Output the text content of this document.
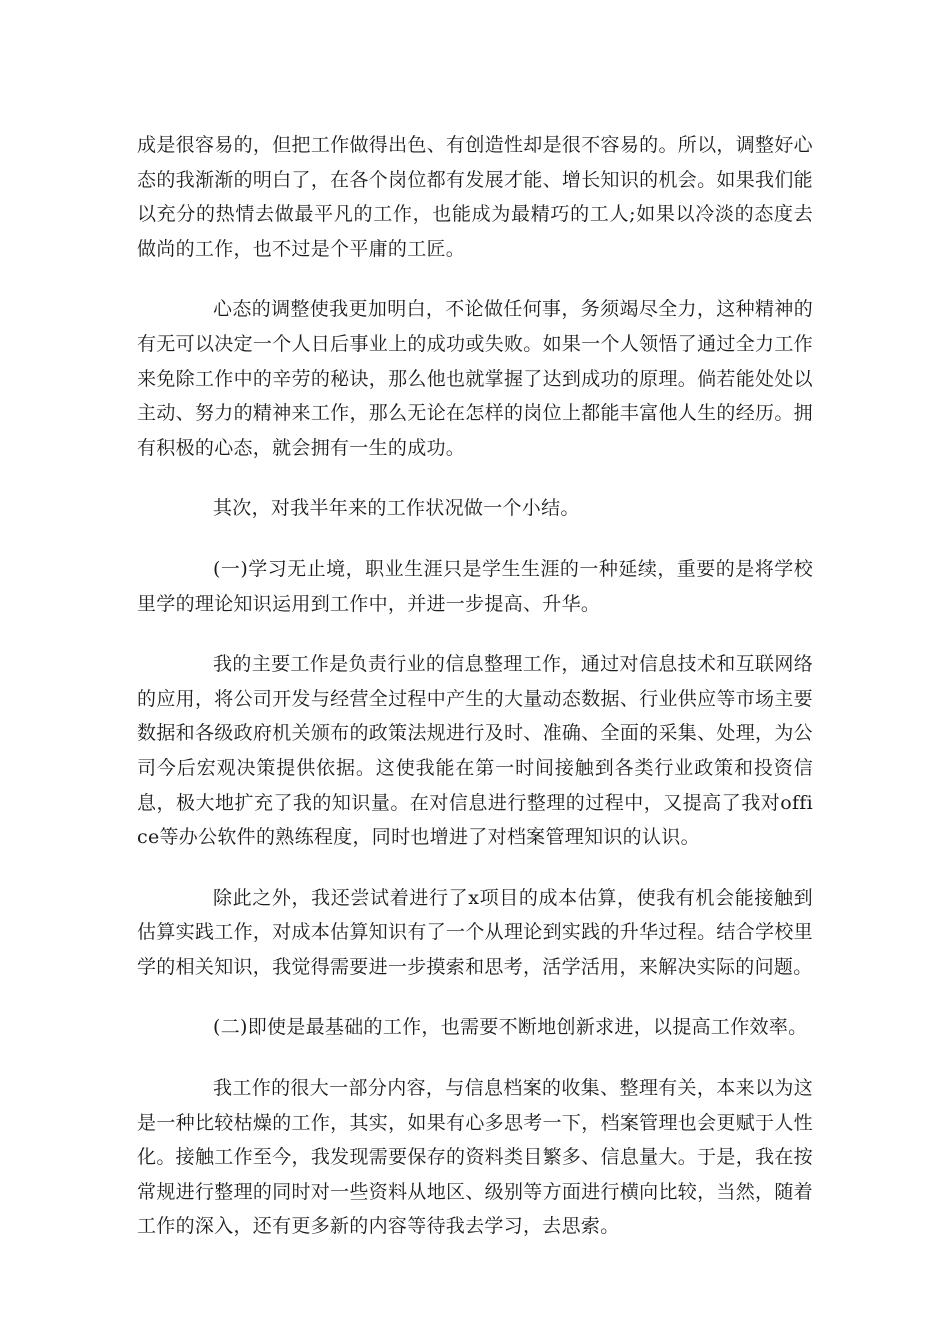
成是很容易的，但把工作做得出色、有创造性却是很不容易的。所以，调整好心态的我渐渐的明白了，在各个岗位都有发展才能、增长知识的机会。如果我们能以充分的热情去做最平凡的工作，也能成为最精巧的工人;如果以冷淡的态度去做尚的工作，也不过是个平庸的工匠。

心态的调整使我更加明白，不论做任何事，务须竭尽全力，这种精神的有无可以决定一个人日后事业上的成功或失败。如果一个人领悟了通过全力工作来免除工作中的辛劳的秘诀，那么他也就掌握了达到成功的原理。倘若能处处以主动、努力的精神来工作，那么无论在怎样的岗位上都能丰富他人生的经历。拥有积极的心态，就会拥有一生的成功。

其次，对我半年来的工作状况做一个小结。

(一)学习无止境，职业生涯只是学生生涯的一种延续，重要的是将学校里学的理论知识运用到工作中，并进一步提高、升华。

我的主要工作是负责行业的信息整理工作，通过对信息技术和互联网络的应用，将公司开发与经营全过程中产生的大量动态数据、行业供应等市场主要数据和各级政府机关颁布的政策法规进行及时、准确、全面的采集、处理，为公司今后宏观决策提供依据。这使我能在第一时间接触到各类行业政策和投资信息，极大地扩充了我的知识量。在对信息进行整理的过程中，又提高了我对office等办公软件的熟练程度，同时也增进了对档案管理知识的认识。

除此之外，我还尝试着进行了x项目的成本估算，使我有机会能接触到估算实践工作，对成本估算知识有了一个从理论到实践的升华过程。结合学校里学的相关知识，我觉得需要进一步摸索和思考，活学活用，来解决实际的问题。

(二)即使是最基础的工作，也需要不断地创新求进，以提高工作效率。

我工作的很大一部分内容，与信息档案的收集、整理有关，本来以为这是一种比较枯燥的工作，其实，如果有心多思考一下，档案管理也会更赋于人性化。接触工作至今，我发现需要保存的资料类目繁多、信息量大。于是，我在按常规进行整理的同时对一些资料从地区、级别等方面进行横向比较，当然，随着工作的深入，还有更多新的内容等待我去学习，去思索。
